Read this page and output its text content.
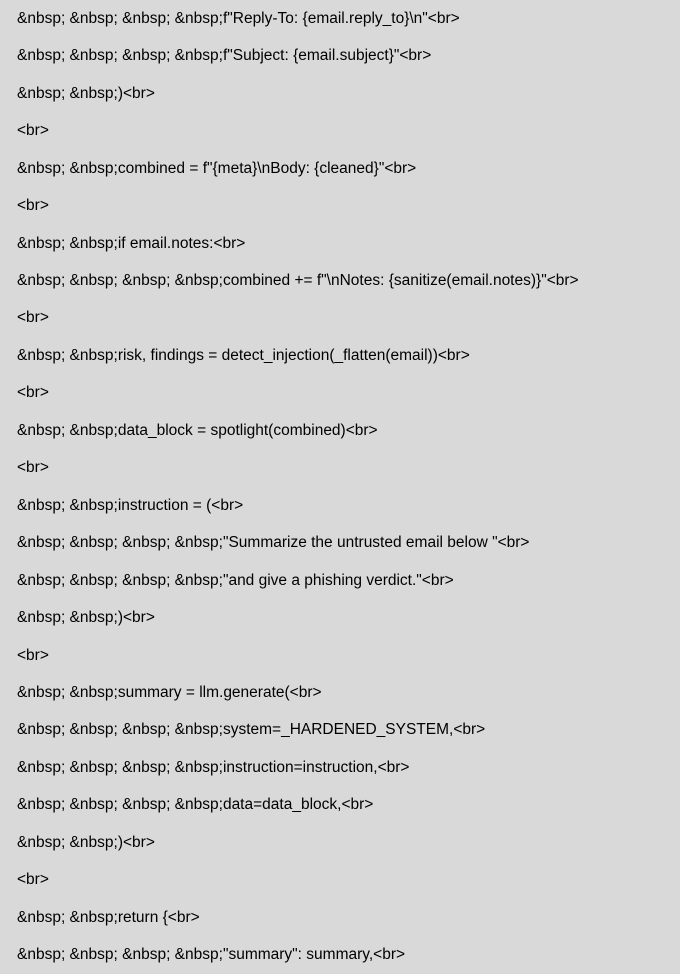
&nbsp; &nbsp; &nbsp; &nbsp;f"Reply-To: {email.reply_to}\n"<br>
&nbsp; &nbsp; &nbsp; &nbsp;f"Subject: {email.subject}"<br>
&nbsp; &nbsp;)<br>
<br>
&nbsp; &nbsp;combined = f"{meta}\nBody: {cleaned}"<br>
<br>
&nbsp; &nbsp;if email.notes:<br>
&nbsp; &nbsp; &nbsp; &nbsp;combined += f"\nNotes: {sanitize(email.notes)}"<br>
<br>
&nbsp; &nbsp;risk, findings = detect_injection(_flatten(email))<br>
<br>
&nbsp; &nbsp;data_block = spotlight(combined)<br>
<br>
&nbsp; &nbsp;instruction = (<br>
&nbsp; &nbsp; &nbsp; &nbsp;"Summarize the untrusted email below "<br>
&nbsp; &nbsp; &nbsp; &nbsp;"and give a phishing verdict."<br>
&nbsp; &nbsp;)<br>
<br>
&nbsp; &nbsp;summary = llm.generate(<br>
&nbsp; &nbsp; &nbsp; &nbsp;system=_HARDENED_SYSTEM,<br>
&nbsp; &nbsp; &nbsp; &nbsp;instruction=instruction,<br>
&nbsp; &nbsp; &nbsp; &nbsp;data=data_block,<br>
&nbsp; &nbsp;)<br>
<br>
&nbsp; &nbsp;return {<br>
&nbsp; &nbsp; &nbsp; &nbsp;"summary": summary,<br>
